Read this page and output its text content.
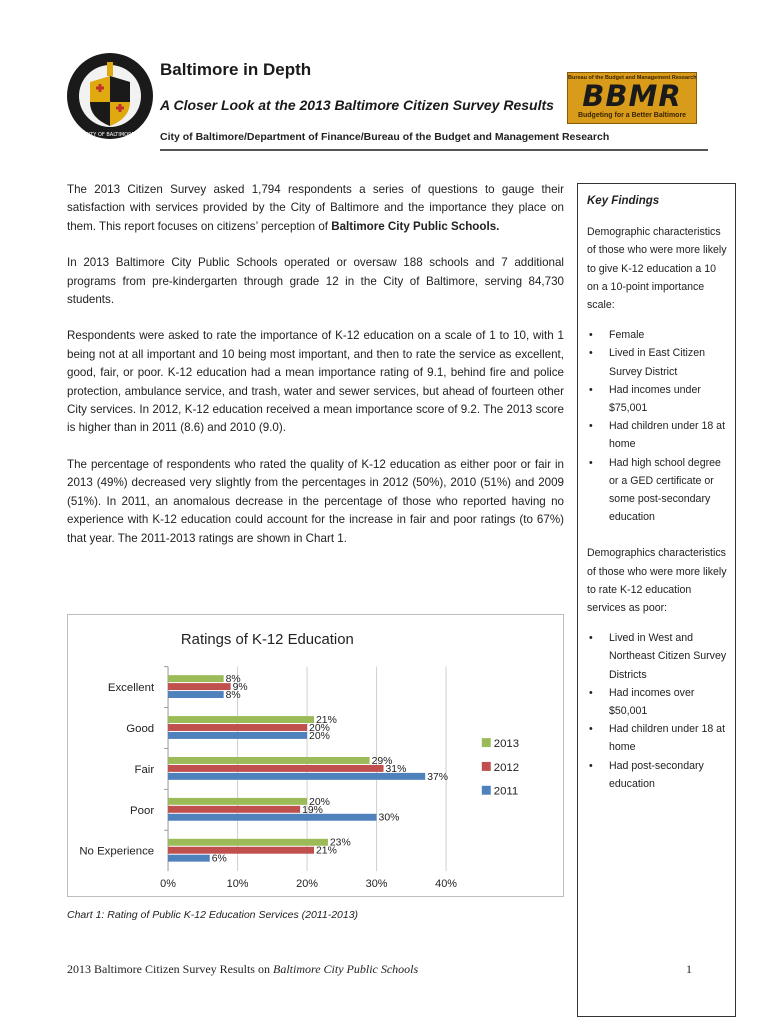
CITY OF BALTIMORE
Baltimore in Depth
A Closer Look at the 2013 Baltimore Citizen Survey Results
City of Baltimore/Department of Finance/Bureau of the Budget and Management Research
Bureau of the Budget and Management Research
BBMR
Budgeting for a Better Baltimore

The 2013 Citizen Survey asked 1,794 respondents a series of questions to gauge their satisfaction with services provided by the City of Baltimore and the importance they place on them. This report focuses on citizens’ perception of Baltimore City Public Schools.

In 2013 Baltimore City Public Schools operated or oversaw 188 schools and 7 additional programs from pre-kindergarten through grade 12 in the City of Baltimore, serving 84,730 students.

Respondents were asked to rate the importance of K-12 education on a scale of 1 to 10, with 1 being not at all important and 10 being most important, and then to rate the service as excellent, good, fair, or poor. K-12 education had a mean importance rating of 9.1, behind fire and police protection, ambulance service, and trash, water and sewer services, but ahead of fourteen other City services. In 2012, K-12 education received a mean importance score of 9.2. The 2013 score is higher than in 2011 (8.6) and 2010 (9.0).

The percentage of respondents who rated the quality of K-12 education as either poor or fair in 2013 (49%) decreased very slightly from the percentages in 2012 (50%), 2010 (51%) and 2009 (51%). In 2011, an anomalous decrease in the percentage of those who reported having no experience with K-12 education could account for the increase in fair and poor ratings (to 67%) that year. The 2011-2013 ratings are shown in Chart 1.

Key Findings

Demographic characteristics of those who were more likely to give K-12 education a 10 on a 10-point importance scale:

• Female
• Lived in East Citizen Survey District
• Had incomes under $75,001
• Had children under 18 at home
• Had high school degree or a GED certificate or some post-secondary education

Demographics characteristics of those who were more likely to rate K-12 education services as poor:

• Lived in West and Northeast Citizen Survey Districts
• Had incomes over $50,001
• Had children under 18 at home
• Had post-secondary education
Ratings of K-12 Education
0%	10%	20%	30%	40%
Excellent
8%
9%
8%
Good
21%
20%
20%
Fair
29%
31%
37%
Poor
20%
19%
30%
No Experience
23%
21%
6%
2013
2012
2011
Chart 1: Rating of Public K-12 Education Services (2011-2013)
2013 Baltimore Citizen Survey Results on Baltimore City Public Schools	1
